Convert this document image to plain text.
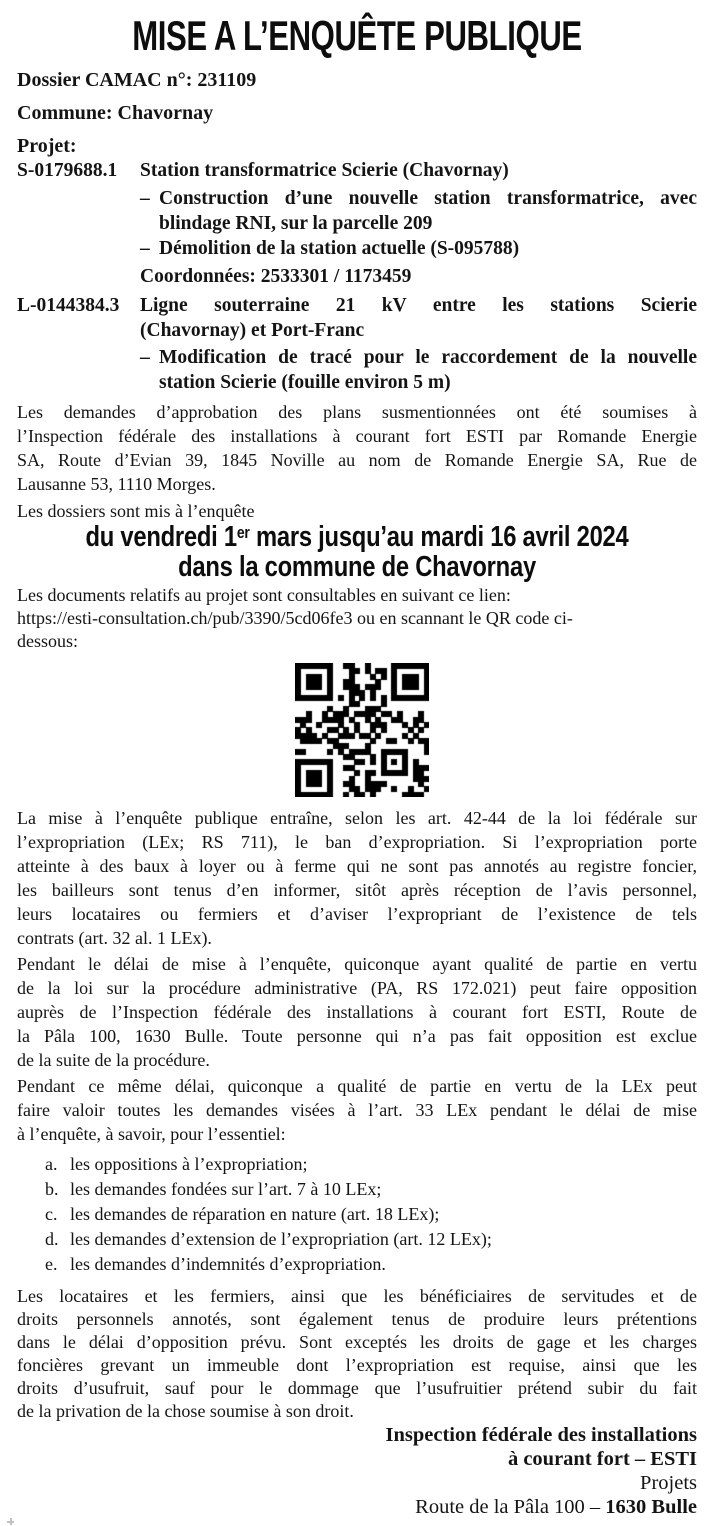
MISE A L’ENQUÊTE PUBLIQUE
Dossier CAMAC n°: 231109
Commune: Chavornay
Projet:
S-0179688.1	Station transformatrice Scierie (Chavornay)
– Construction d’une nouvelle station transformatrice, avec
blindage RNI, sur la parcelle 209
– Démolition de la station actuelle (S-095788)
Coordonnées: 2533301 / 1173459
L-0144384.3	Ligne souterraine 21 kV entre les stations Scierie
(Chavornay) et Port-Franc
– Modification de tracé pour le raccordement de la nouvelle
station Scierie (fouille environ 5 m)
Les demandes d’approbation des plans susmentionnées ont été soumises à
l’Inspection fédérale des installations à courant fort ESTI par Romande Energie
SA, Route d’Evian 39, 1845 Noville au nom de Romande Energie SA, Rue de
Lausanne 53, 1110 Morges.
Les dossiers sont mis à l’enquête
du vendredi 1er mars jusqu’au mardi 16 avril 2024
dans la commune de Chavornay
Les documents relatifs au projet sont consultables en suivant ce lien:
https://esti-consultation.ch/pub/3390/5cd06fe3 ou en scannant le QR code ci-
dessous:
La mise à l’enquête publique entraîne, selon les art. 42-44 de la loi fédérale sur
l’expropriation (LEx; RS 711), le ban d’expropriation. Si l’expropriation porte
atteinte à des baux à loyer ou à ferme qui ne sont pas annotés au registre foncier,
les bailleurs sont tenus d’en informer, sitôt après réception de l’avis personnel,
leurs locataires ou fermiers et d’aviser l’expropriant de l’existence de tels
contrats (art. 32 al. 1 LEx).
Pendant le délai de mise à l’enquête, quiconque ayant qualité de partie en vertu
de la loi sur la procédure administrative (PA, RS 172.021) peut faire opposition
auprès de l’Inspection fédérale des installations à courant fort ESTI, Route de
la Pâla 100, 1630 Bulle. Toute personne qui n’a pas fait opposition est exclue
de la suite de la procédure.
Pendant ce même délai, quiconque a qualité de partie en vertu de la LEx peut
faire valoir toutes les demandes visées à l’art. 33 LEx pendant le délai de mise
à l’enquête, à savoir, pour l’essentiel:
a. les oppositions à l’expropriation;
b. les demandes fondées sur l’art. 7 à 10 LEx;
c. les demandes de réparation en nature (art. 18 LEx);
d. les demandes d’extension de l’expropriation (art. 12 LEx);
e. les demandes d’indemnités d’expropriation.
Les locataires et les fermiers, ainsi que les bénéficiaires de servitudes et de
droits personnels annotés, sont également tenus de produire leurs prétentions
dans le délai d’opposition prévu. Sont exceptés les droits de gage et les charges
foncières grevant un immeuble dont l’expropriation est requise, ainsi que les
droits d’usufruit, sauf pour le dommage que l’usufruitier prétend subir du fait
de la privation de la chose soumise à son droit.
Inspection fédérale des installations
à courant fort – ESTI
Projets
Route de la Pâla 100 – 1630 Bulle
